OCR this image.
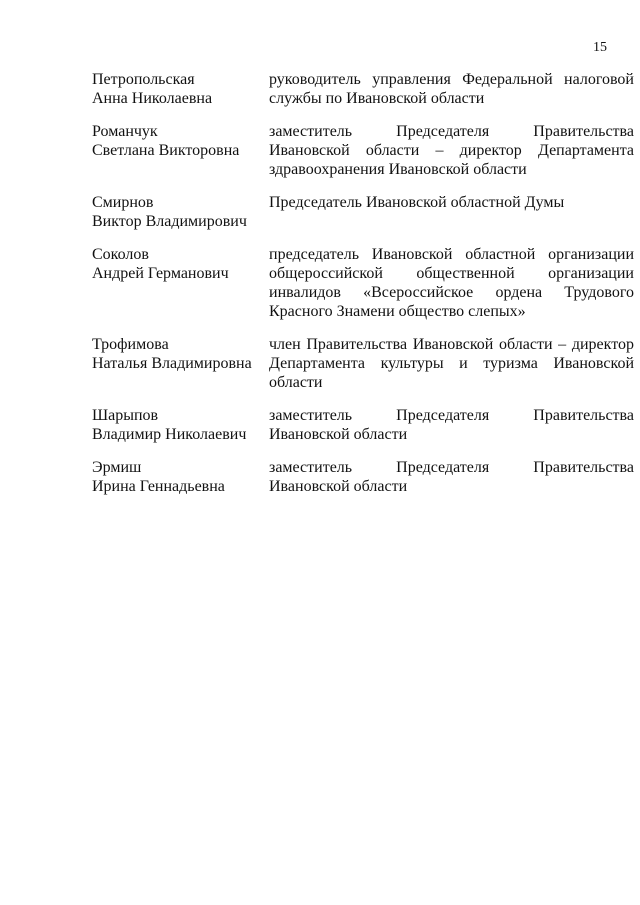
15
Петропольская
Анна Николаевна
руководитель управления Федеральной налоговой службы по Ивановской области
Романчук
Светлана Викторовна
заместитель Председателя Правительства Ивановской области – директор Департамента здравоохранения Ивановской области
Смирнов
Виктор Владимирович
Председатель Ивановской областной Думы
Соколов
Андрей Германович
председатель Ивановской областной организации общероссийской общественной организации инвалидов «Всероссийское ордена Трудового Красного Знамени общество слепых»
Трофимова
Наталья Владимировна
член Правительства Ивановской области – директор Департамента культуры и туризма Ивановской области
Шарыпов
Владимир Николаевич
заместитель Председателя Правительства Ивановской области
Эрмиш
Ирина Геннадьевна
заместитель Председателя Правительства Ивановской области
